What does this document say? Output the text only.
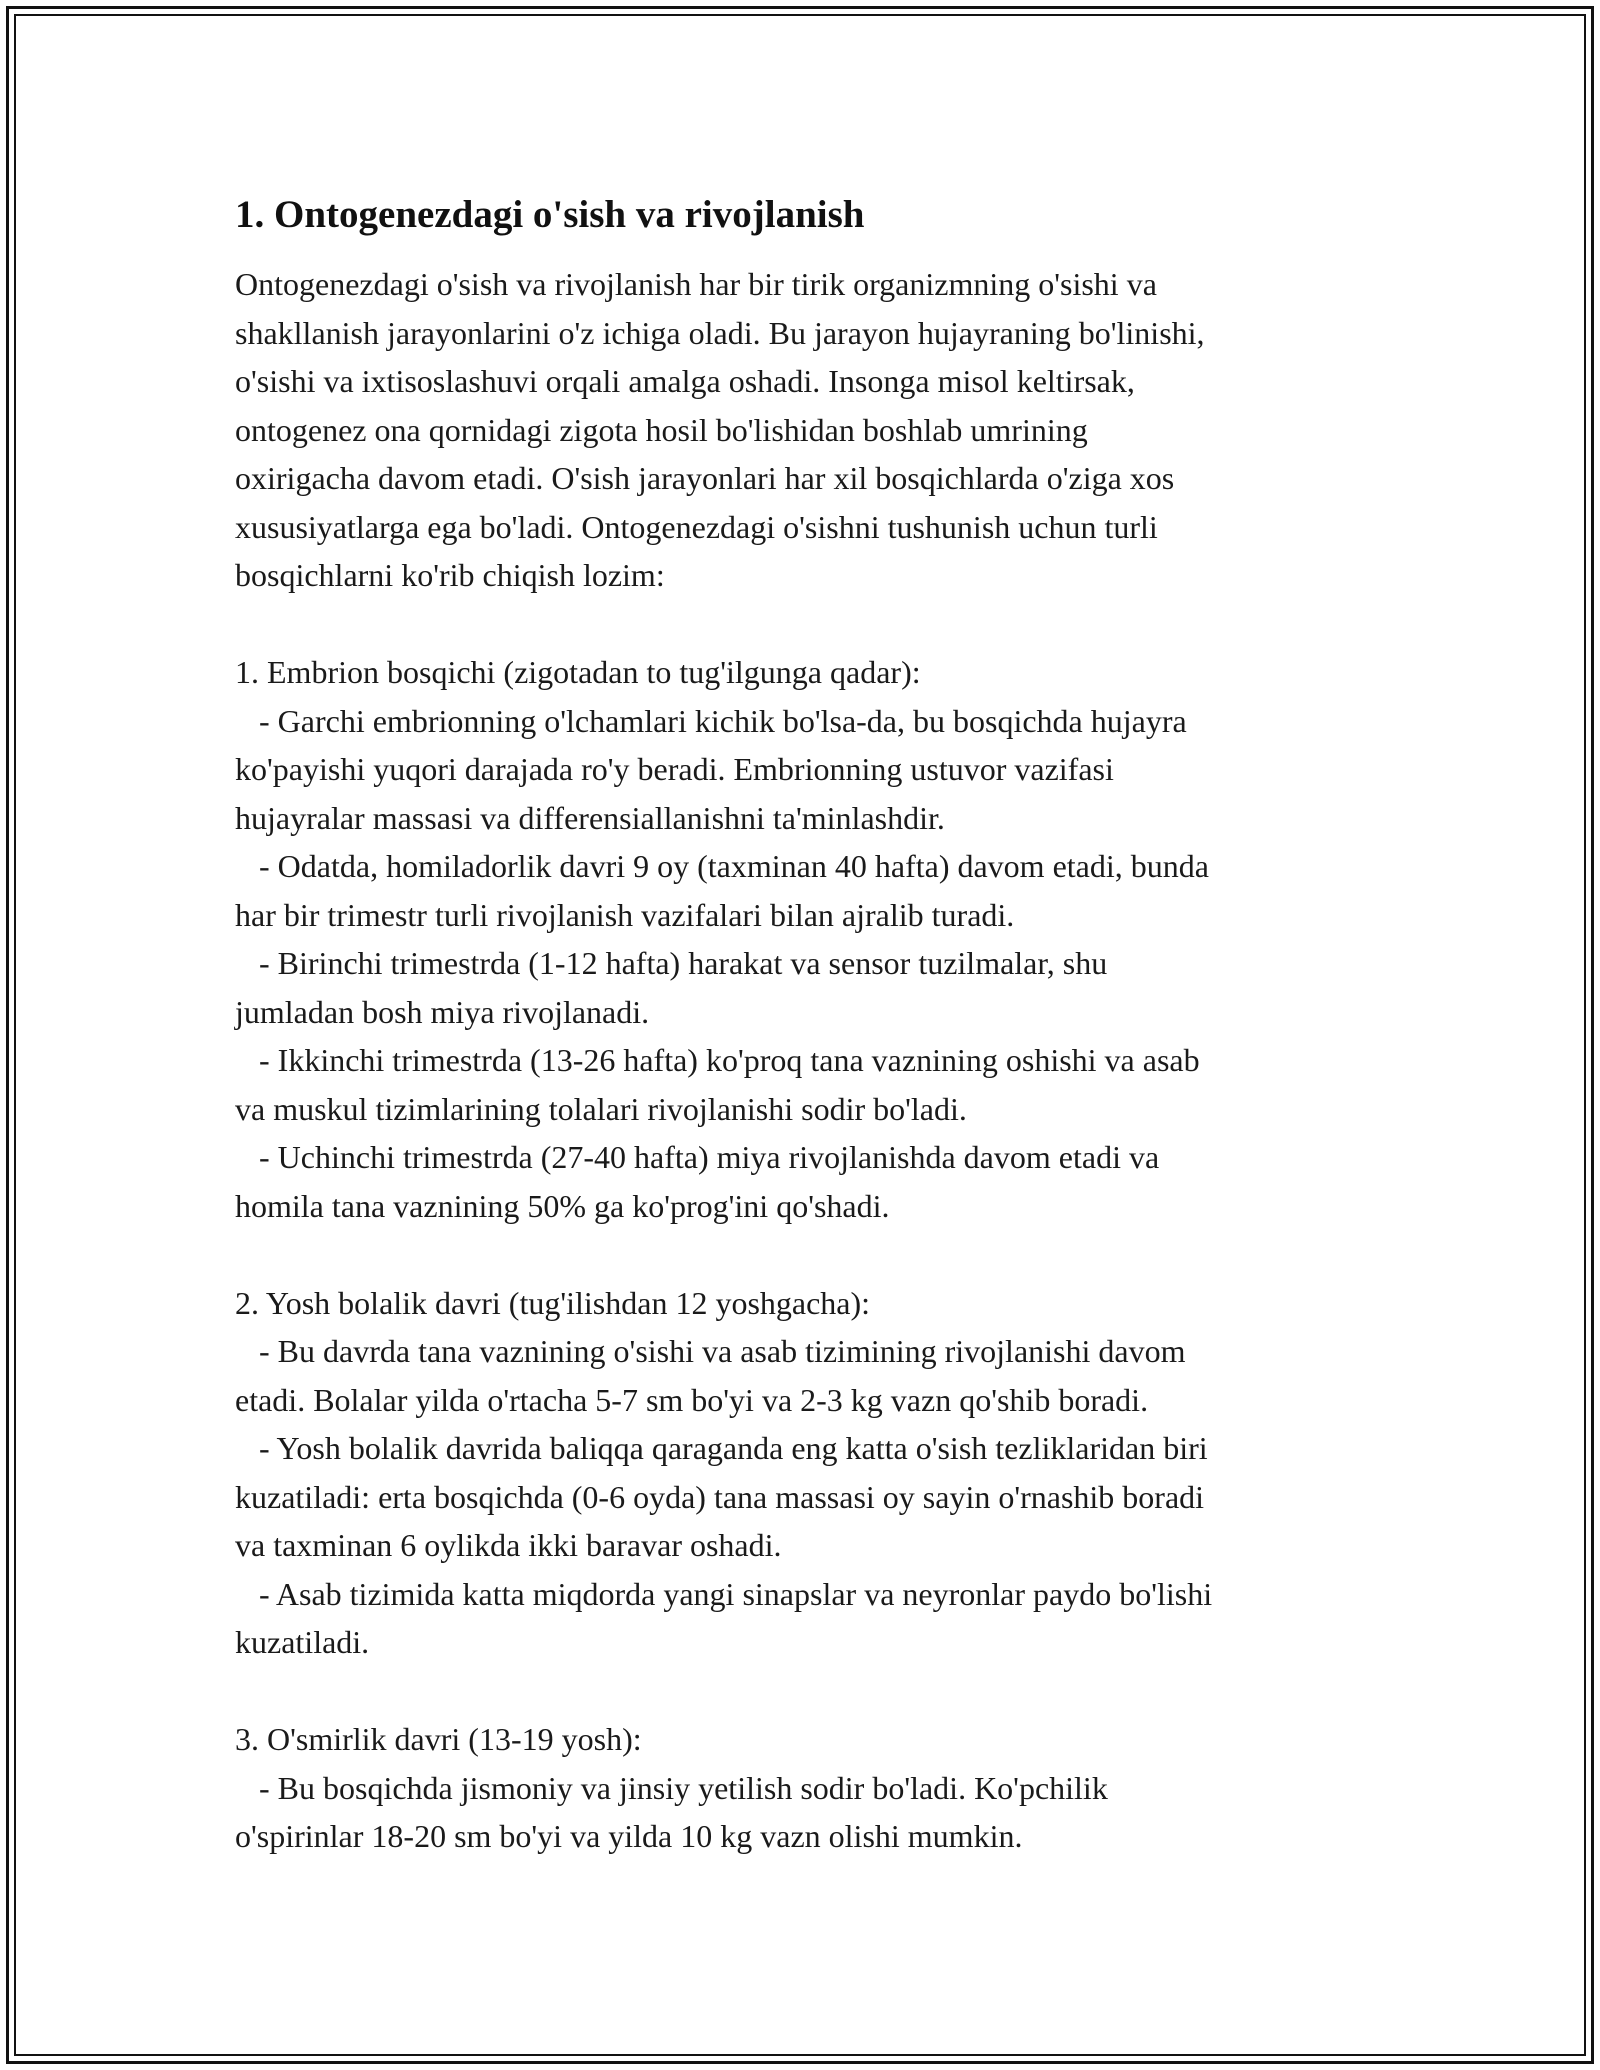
1. Ontogenezdagi o'sish va rivojlanish
Ontogenezdagi o'sish va rivojlanish har bir tirik organizmning o'sishi va
shakllanish jarayonlarini o'z ichiga oladi. Bu jarayon hujayraning bo'linishi,
o'sishi va ixtisoslashuvi orqali amalga oshadi. Insonga misol keltirsak,
ontogenez ona qornidagi zigota hosil bo'lishidan boshlab umrining
oxirigacha davom etadi. O'sish jarayonlari har xil bosqichlarda o'ziga xos
xususiyatlarga ega bo'ladi. Ontogenezdagi o'sishni tushunish uchun turli
bosqichlarni ko'rib chiqish lozim:
1. Embrion bosqichi (zigotadan to tug'ilgunga qadar):
- Garchi embrionning o'lchamlari kichik bo'lsa-da, bu bosqichda hujayra
ko'payishi yuqori darajada ro'y beradi. Embrionning ustuvor vazifasi
hujayralar massasi va differensiallanishni ta'minlashdir.
- Odatda, homiladorlik davri 9 oy (taxminan 40 hafta) davom etadi, bunda
har bir trimestr turli rivojlanish vazifalari bilan ajralib turadi.
- Birinchi trimestrda (1-12 hafta) harakat va sensor tuzilmalar, shu
jumladan bosh miya rivojlanadi.
- Ikkinchi trimestrda (13-26 hafta) ko'proq tana vaznining oshishi va asab
va muskul tizimlarining tolalari rivojlanishi sodir bo'ladi.
- Uchinchi trimestrda (27-40 hafta) miya rivojlanishda davom etadi va
homila tana vaznining 50% ga ko'prog'ini qo'shadi.
2. Yosh bolalik davri (tug'ilishdan 12 yoshgacha):
- Bu davrda tana vaznining o'sishi va asab tizimining rivojlanishi davom
etadi. Bolalar yilda o'rtacha 5-7 sm bo'yi va 2-3 kg vazn qo'shib boradi.
- Yosh bolalik davrida baliqqa qaraganda eng katta o'sish tezliklaridan biri
kuzatiladi: erta bosqichda (0-6 oyda) tana massasi oy sayin o'rnashib boradi
va taxminan 6 oylikda ikki baravar oshadi.
- Asab tizimida katta miqdorda yangi sinapslar va neyronlar paydo bo'lishi
kuzatiladi.
3. O'smirlik davri (13-19 yosh):
- Bu bosqichda jismoniy va jinsiy yetilish sodir bo'ladi. Ko'pchilik
o'spirinlar 18-20 sm bo'yi va yilda 10 kg vazn olishi mumkin.
